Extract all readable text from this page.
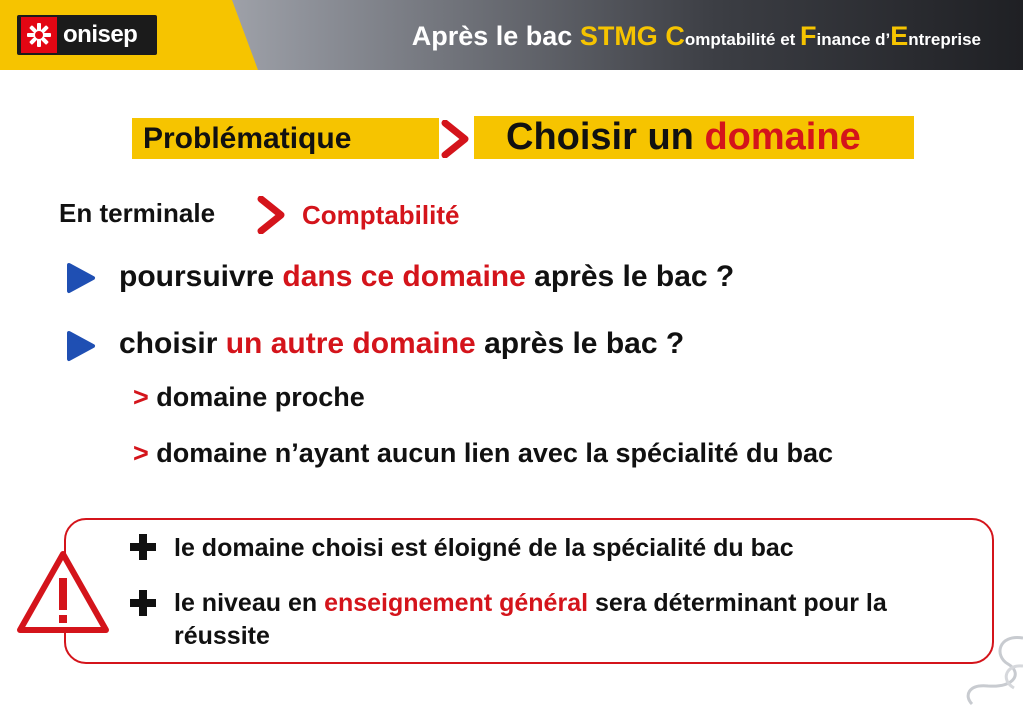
onisep	Après le bac STMG Comptabilité et Finance d’Entreprise
Problématique	Choisir un domaine
En terminale	Comptabilité
poursuivre dans ce domaine après le bac ?
choisir un autre domaine après le bac ?
> domaine proche
> domaine n’ayant aucun lien avec la spécialité du bac
le domaine choisi est éloigné de la spécialité du bac
le niveau en enseignement général sera déterminant pour la réussite
